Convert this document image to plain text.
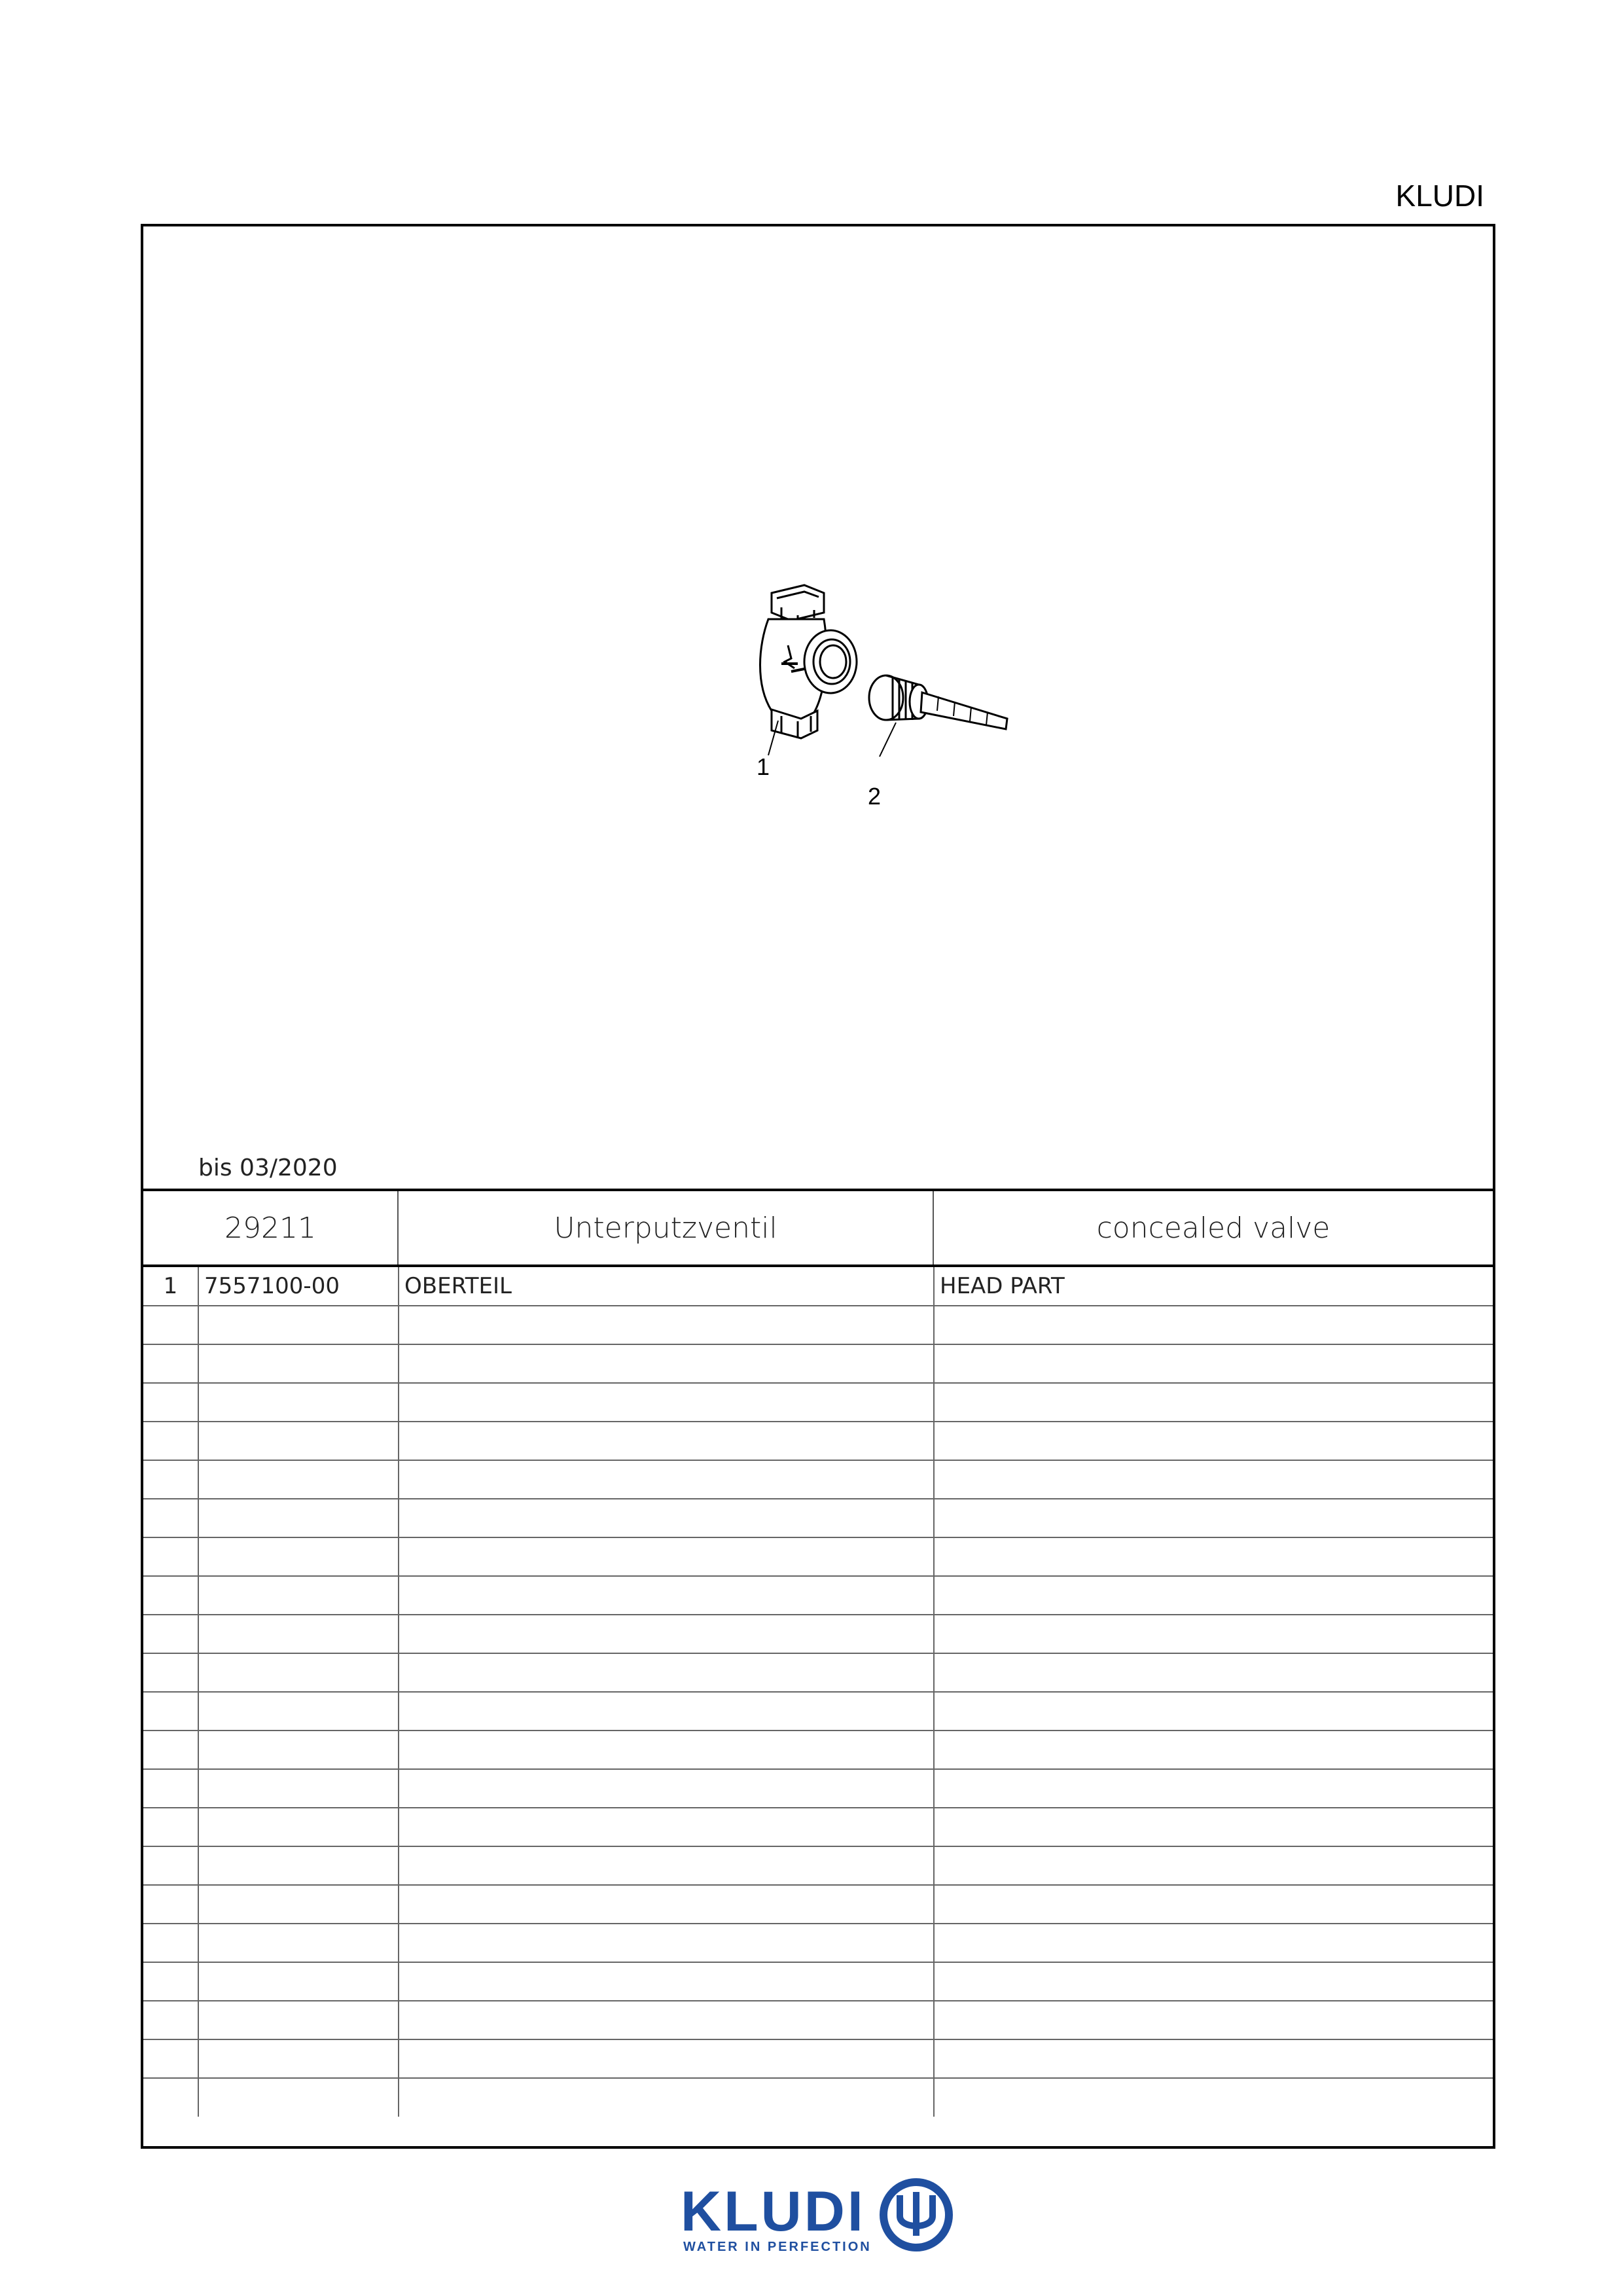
KLUDI
1
2
bis 03/2020
29211	Unterputzventil	concealed valve
1	7557100-00	OBERTEIL	HEAD PART

KLUDI
WATER IN PERFECTION
